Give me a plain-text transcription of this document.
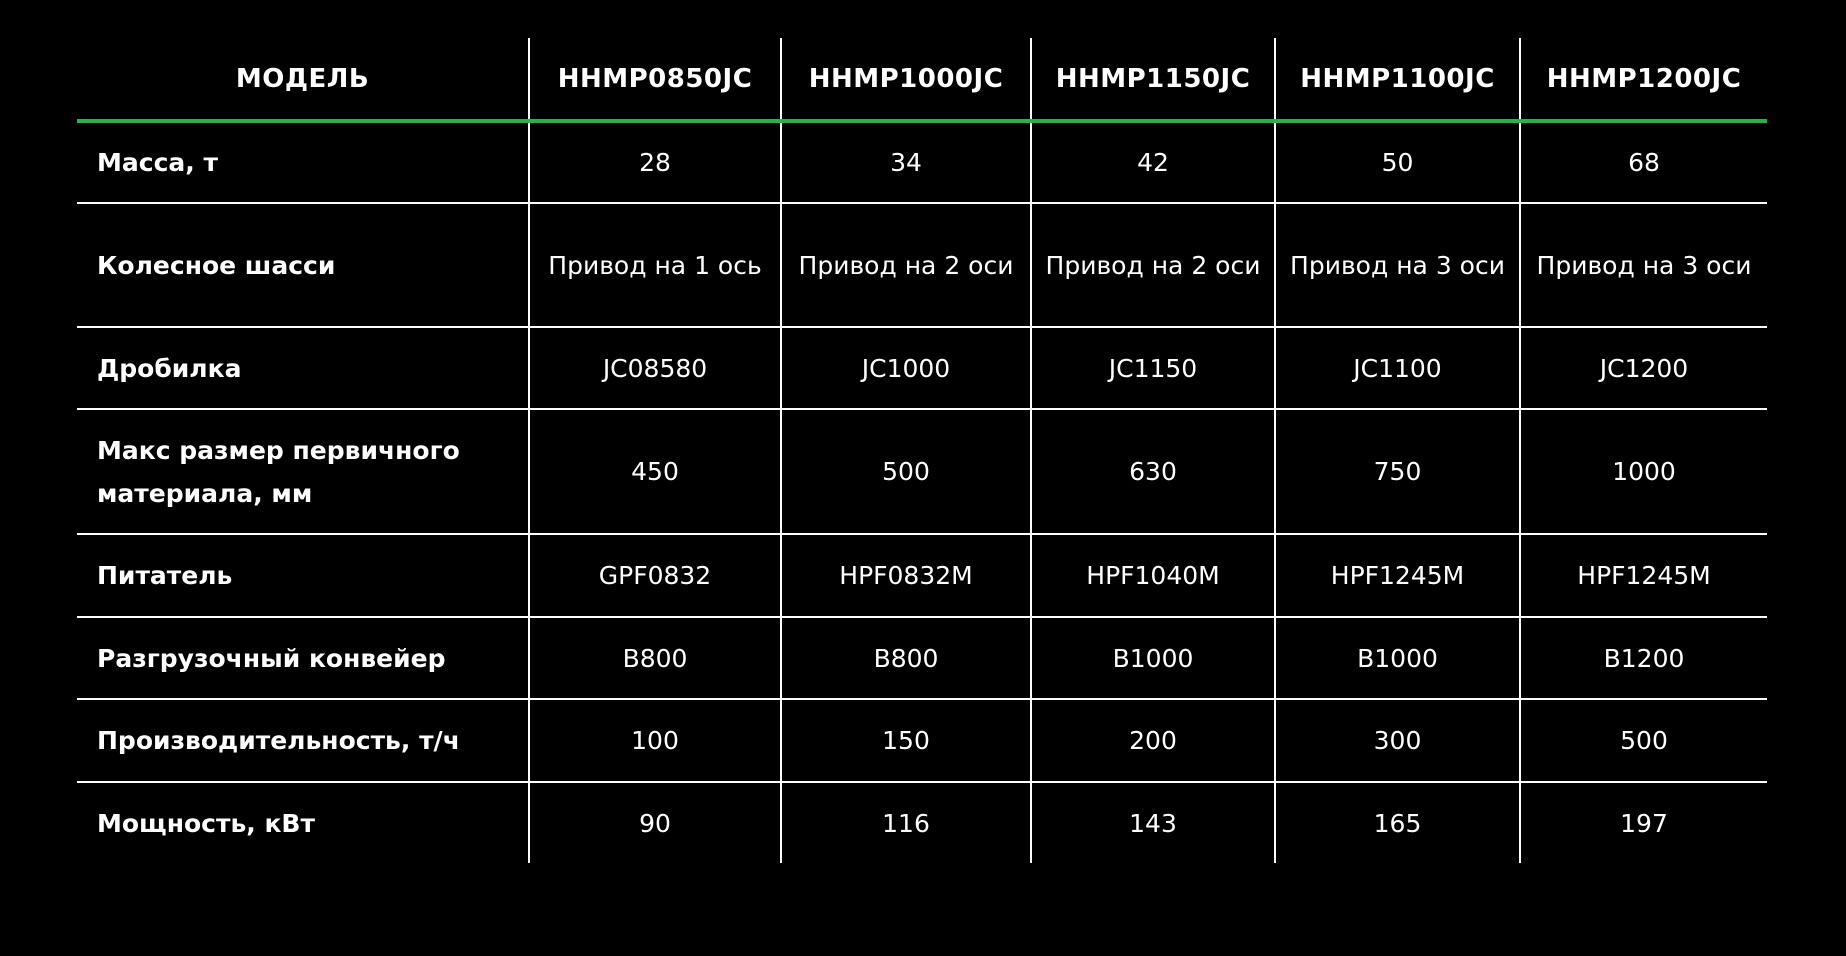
МОДЕЛЬ	HHMP0850JC	HHMP1000JC	HHMP1150JC	HHMP1100JC	HHMP1200JC
Масса, т	28	34	42	50	68
Колесное шасси	Привод на 1 ось	Привод на 2 оси	Привод на 2 оси	Привод на 3 оси	Привод на 3 оси
Дробилка	JC08580	JC1000	JC1150	JC1100	JC1200
Макс размер первичного материала, мм	450	500	630	750	1000
Питатель	GPF0832	HPF0832M	HPF1040M	HPF1245M	HPF1245M
Разгрузочный конвейер	B800	B800	B1000	B1000	B1200
Производительность, т/ч	100	150	200	300	500
Мощность, кВт	90	116	143	165	197
